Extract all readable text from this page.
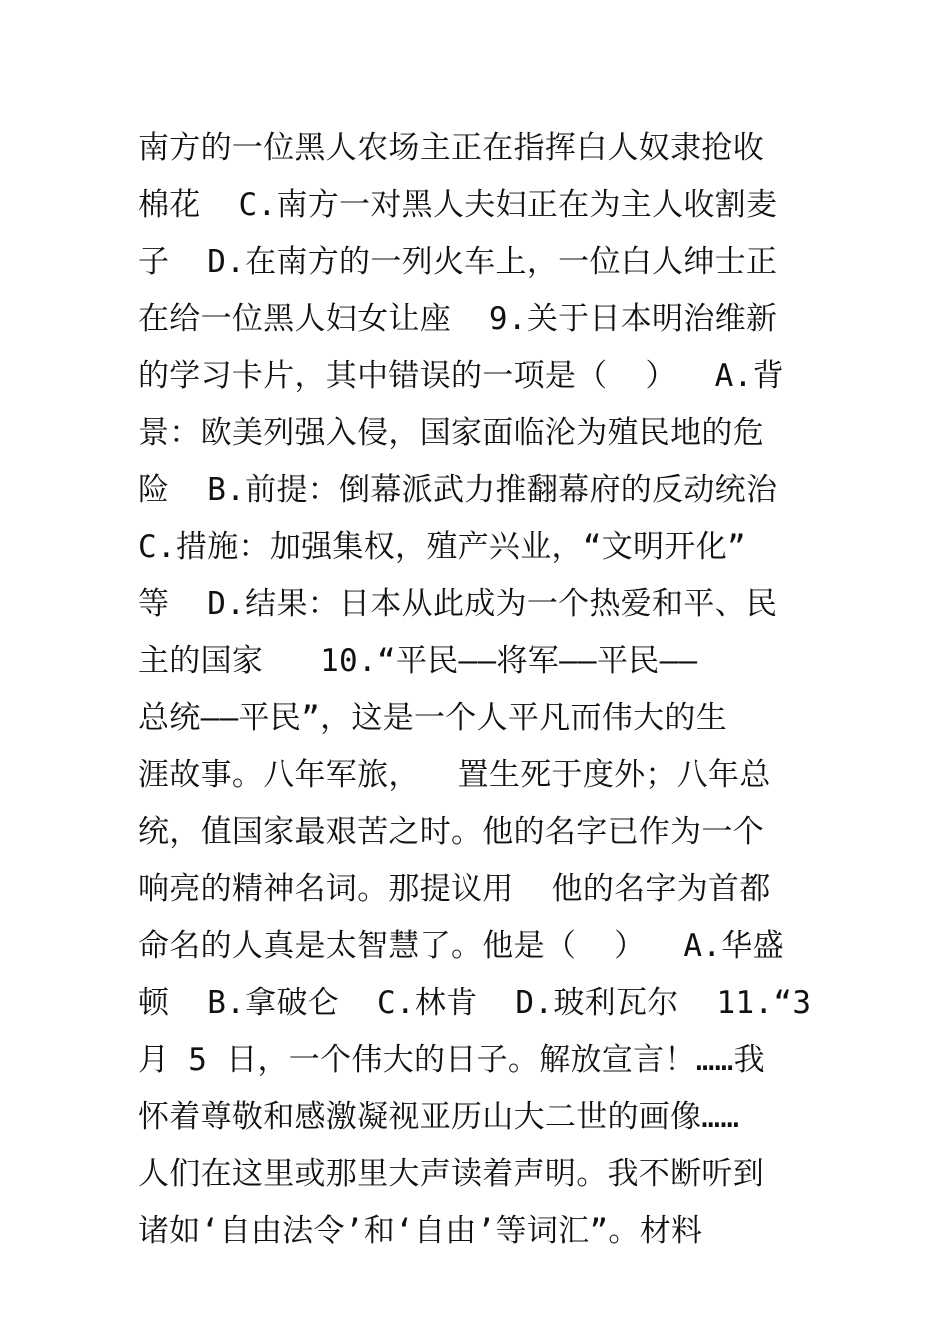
南方的一位黑人农场主正在指挥白人奴隶抢收
棉花  C.南方一对黑人夫妇正在为主人收割麦
子  D.在南方的一列火车上，一位白人绅士正
在给一位黑人妇女让座  9.关于日本明治维新
的学习卡片，其中错误的一项是（  ）  A.背
景：欧美列强入侵，国家面临沦为殖民地的危
险  B.前提：倒幕派武力推翻幕府的反动统治
C.措施：加强集权，殖产兴业，“文明开化”
等  D.结果：日本从此成为一个热爱和平、民
主的国家   10.“平民——将军——平民——
总统——平民”，这是一个人平凡而伟大的生
涯故事。八年军旅，  置生死于度外；八年总
统，值国家最艰苦之时。他的名字已作为一个
响亮的精神名词。那提议用  他的名字为首都
命名的人真是太智慧了。他是（  ）  A.华盛
顿  B.拿破仑  C.林肯  D.玻利瓦尔  11.“3
月 5 日，一个伟大的日子。解放宣言！……我
怀着尊敬和感激凝视亚历山大二世的画像……
人们在这里或那里大声读着声明。我不断听到
诸如‘自由法令’和‘自由’等词汇”。材料
